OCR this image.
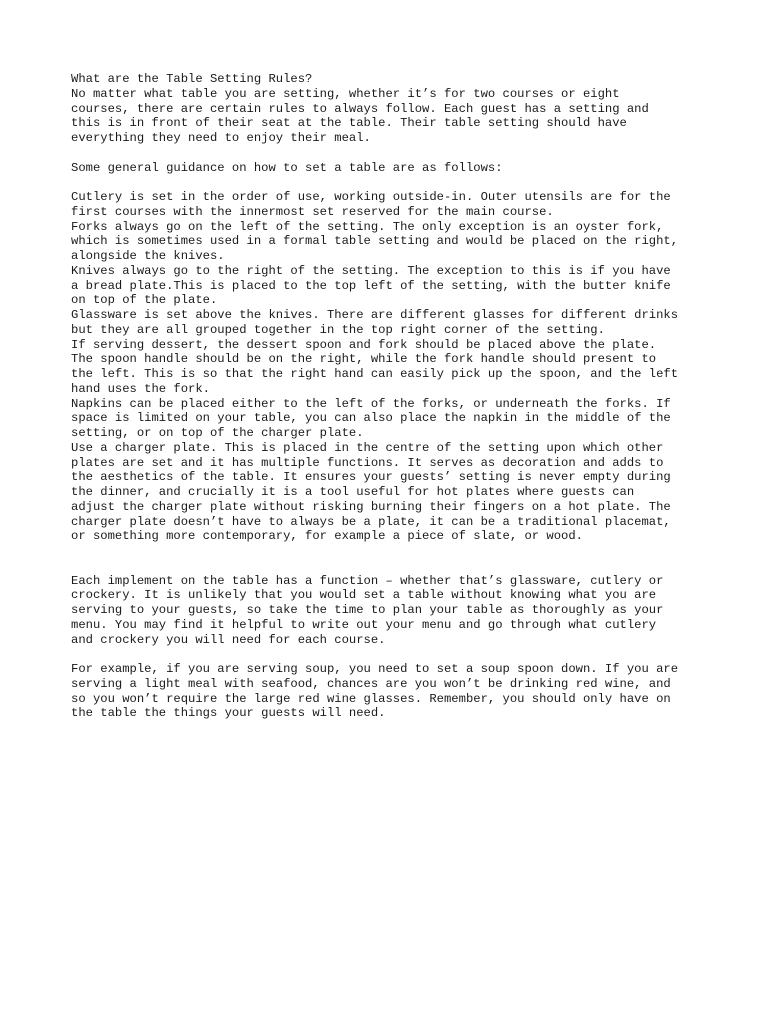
What are the Table Setting Rules?
No matter what table you are setting, whether it’s for two courses or eight
courses, there are certain rules to always follow. Each guest has a setting and
this is in front of their seat at the table. Their table setting should have
everything they need to enjoy their meal.
Some general guidance on how to set a table are as follows:
Cutlery is set in the order of use, working outside-in. Outer utensils are for the
first courses with the innermost set reserved for the main course.
Forks always go on the left of the setting. The only exception is an oyster fork,
which is sometimes used in a formal table setting and would be placed on the right,
alongside the knives.
Knives always go to the right of the setting. The exception to this is if you have
a bread plate.This is placed to the top left of the setting, with the butter knife
on top of the plate.
Glassware is set above the knives. There are different glasses for different drinks
but they are all grouped together in the top right corner of the setting.
If serving dessert, the dessert spoon and fork should be placed above the plate.
The spoon handle should be on the right, while the fork handle should present to
the left. This is so that the right hand can easily pick up the spoon, and the left
hand uses the fork.
Napkins can be placed either to the left of the forks, or underneath the forks. If
space is limited on your table, you can also place the napkin in the middle of the
setting, or on top of the charger plate.
Use a charger plate. This is placed in the centre of the setting upon which other
plates are set and it has multiple functions. It serves as decoration and adds to
the aesthetics of the table. It ensures your guests’ setting is never empty during
the dinner, and crucially it is a tool useful for hot plates where guests can
adjust the charger plate without risking burning their fingers on a hot plate. The
charger plate doesn’t have to always be a plate, it can be a traditional placemat,
or something more contemporary, for example a piece of slate, or wood.
Each implement on the table has a function – whether that’s glassware, cutlery or
crockery. It is unlikely that you would set a table without knowing what you are
serving to your guests, so take the time to plan your table as thoroughly as your
menu. You may find it helpful to write out your menu and go through what cutlery
and crockery you will need for each course.
For example, if you are serving soup, you need to set a soup spoon down. If you are
serving a light meal with seafood, chances are you won’t be drinking red wine, and
so you won’t require the large red wine glasses. Remember, you should only have on
the table the things your guests will need.
